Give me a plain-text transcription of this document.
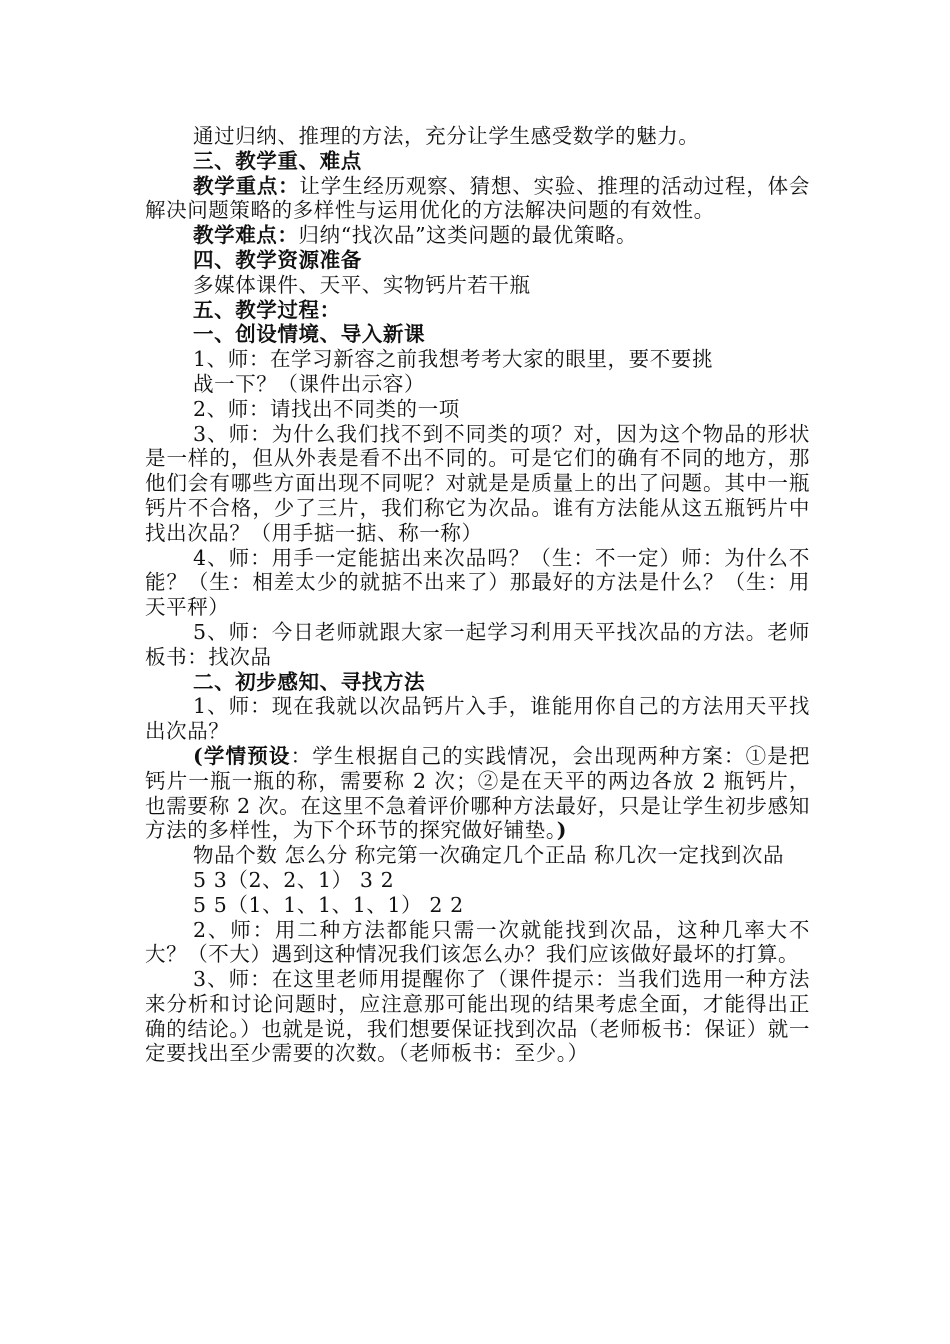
通过归纳、推理的方法，充分让学生感受数学的魅力。

三、教学重、难点

教学重点：让学生经历观察、猜想、实验、推理的活动过程，体会解决问题策略的多样性与运用优化的方法解决问题的有效性。

教学难点：归纳“找次品”这类问题的最优策略。

四、教学资源准备

多媒体课件、天平、实物钙片若干瓶

五、教学过程：

一、创设情境、导入新课

1、师：在学习新容之前我想考考大家的眼里，要不要挑

战一下？（课件出示容）

2、师：请找出不同类的一项

3、师：为什么我们找不到不同类的项？对，因为这个物品的形状是一样的，但从外表是看不出不同的。可是它们的确有不同的地方，那他们会有哪些方面出现不同呢？对就是是质量上的出了问题。其中一瓶钙片不合格，少了三片，我们称它为次品。谁有方法能从这五瓶钙片中找出次品？（用手掂一掂、称一称）

4、师：用手一定能掂出来次品吗？（生：不一定）师：为什么不能？（生：相差太少的就掂不出来了）那最好的方法是什么？（生：用天平秤）

5、师：今日老师就跟大家一起学习利用天平找次品的方法。老师板书：找次品

二、初步感知、寻找方法

1、师：现在我就以次品钙片入手，谁能用你自己的方法用天平找出次品？

(学情预设：学生根据自己的实践情况，会出现两种方案：①是把钙片一瓶一瓶的称，需要称 2 次；②是在天平的两边各放 2 瓶钙片，也需要称 2 次。在这里不急着评价哪种方法最好，只是让学生初步感知方法的多样性，为下个环节的探究做好铺垫。)

物品个数 怎么分 称完第一次确定几个正品 称几次一定找到次品

5 3（2、2、1） 3 2

5 5（1、1、1、1、1） 2 2

2、师：用二种方法都能只需一次就能找到次品，这种几率大不大？（不大）遇到这种情况我们该怎么办？我们应该做好最坏的打算。

3、师：在这里老师用提醒你了（课件提示：当我们选用一种方法来分析和讨论问题时，应注意那可能出现的结果考虑全面，才能得出正确的结论。）也就是说，我们想要保证找到次品（老师板书：保证）就一定要找出至少需要的次数。（老师板书：至少。）
